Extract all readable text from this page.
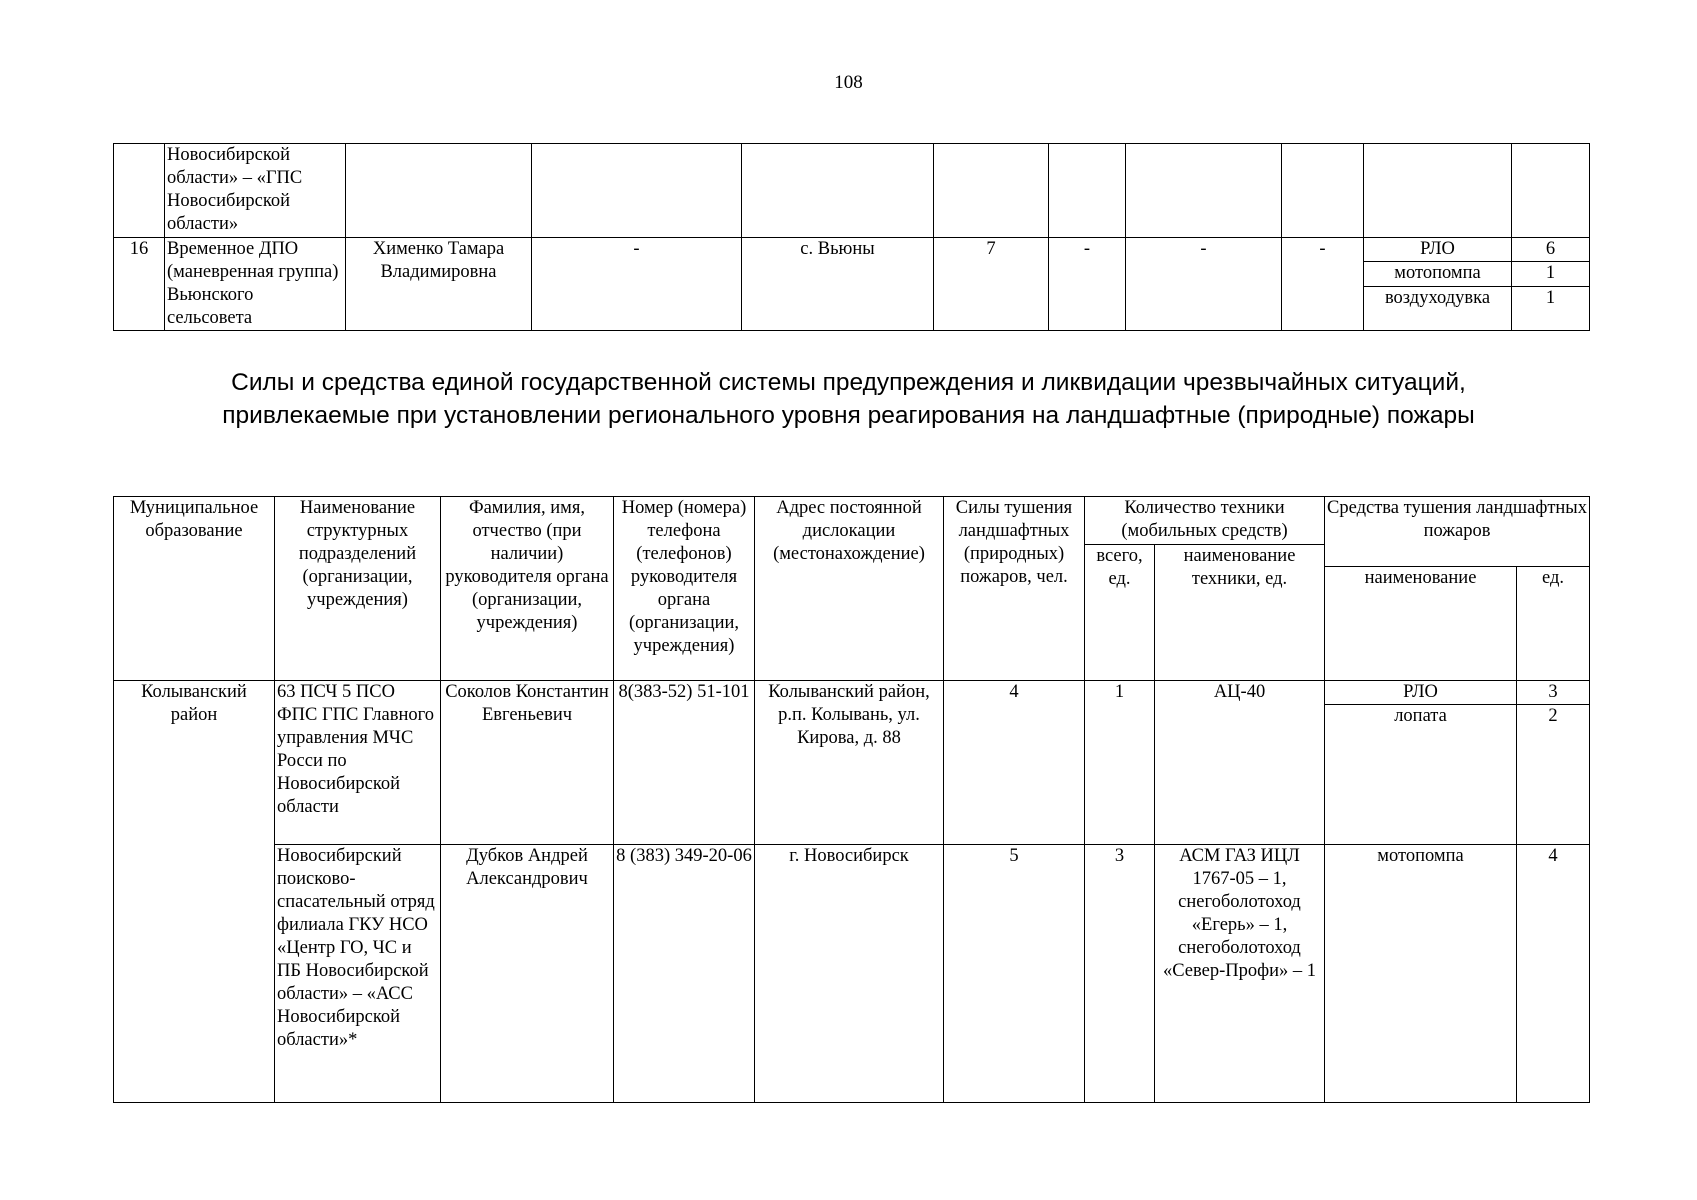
108
	Новосибирской области» – «ГПС Новосибирской области»									
16	Временное ДПО (маневренная группа) Вьюнского сельсовета	Хименко Тамара Владимировна	-	с. Вьюны	7	-	-	-	РЛО	6
									мотопомпа	1
									воздуходувка	1
Силы и средства единой государственной системы предупреждения и ликвидации чрезвычайных ситуаций,
привлекаемые при установлении регионального уровня реагирования на ландшафтные (природные) пожары
Муниципальное образование	Наименование структурных подразделений (организации, учреждения)	Фамилия, имя, отчество (при наличии) руководителя органа (организации, учреждения)	Номер (номера) телефона (телефонов) руководителя органа (организации, учреждения)	Адрес постоянной дислокации (местонахождение)	Силы тушения ландшафтных (природных) пожаров, чел.	Количество техники (мобильных средств)		Средства тушения ландшафтных пожаров	
						всего, ед.	наименование техники, ед.		
								наименование	ед.
Колыванский район	63 ПСЧ 5 ПСО ФПС ГПС Главного управления МЧС Росси по Новосибирской области	Соколов Константин Евгеньевич	8(383-52) 51-101	Колыванский район, р.п. Колывань, ул. Кирова, д. 88	4	1	АЦ-40	РЛО	3
								лопата	2
	Новосибирский поисково-спасательный отряд филиала ГКУ НСО «Центр ГО, ЧС и ПБ Новосибирской области» – «АСС Новосибирской области»*	Дубков Андрей Александрович	8 (383) 349-20-06	г. Новосибирск	5	3	АСМ ГАЗ ИЦЛ 1767-05 – 1, снегоболотоход «Егерь» – 1, снегоболотоход «Север-Профи» – 1	мотопомпа	4
